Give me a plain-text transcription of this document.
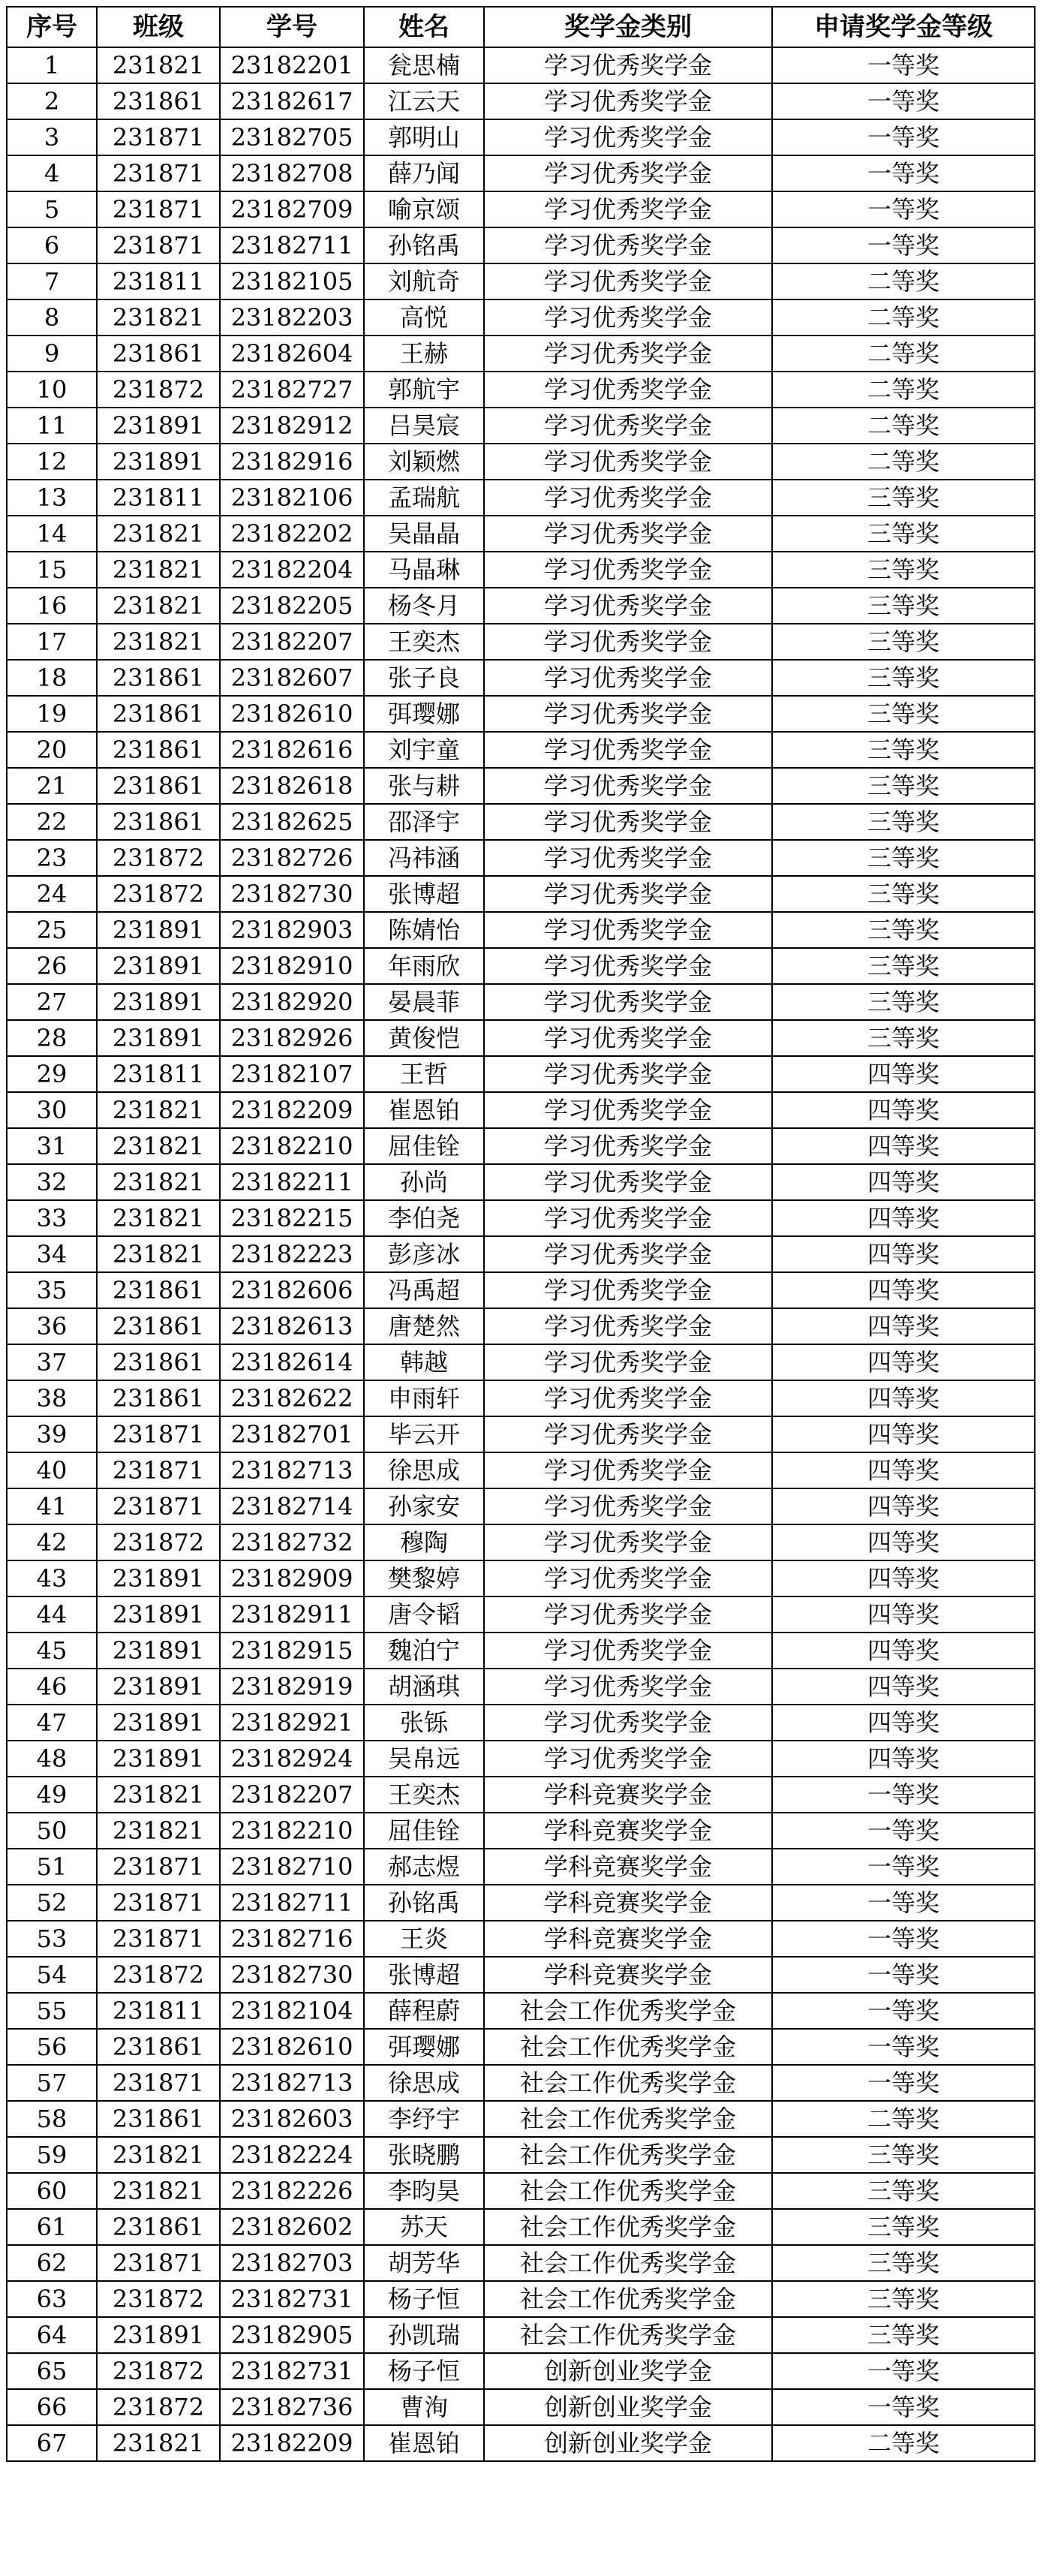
序号	班级	学号	姓名	奖学金类别	申请奖学金等级
1	231821	23182201	瓮思楠	学习优秀奖学金	一等奖
2	231861	23182617	江云天	学习优秀奖学金	一等奖
3	231871	23182705	郭明山	学习优秀奖学金	一等奖
4	231871	23182708	薛乃闻	学习优秀奖学金	一等奖
5	231871	23182709	喻京颂	学习优秀奖学金	一等奖
6	231871	23182711	孙铭禹	学习优秀奖学金	一等奖
7	231811	23182105	刘航奇	学习优秀奖学金	二等奖
8	231821	23182203	高悦	学习优秀奖学金	二等奖
9	231861	23182604	王赫	学习优秀奖学金	二等奖
10	231872	23182727	郭航宇	学习优秀奖学金	二等奖
11	231891	23182912	吕昊宸	学习优秀奖学金	二等奖
12	231891	23182916	刘颖燃	学习优秀奖学金	二等奖
13	231811	23182106	孟瑞航	学习优秀奖学金	三等奖
14	231821	23182202	吴晶晶	学习优秀奖学金	三等奖
15	231821	23182204	马晶琳	学习优秀奖学金	三等奖
16	231821	23182205	杨冬月	学习优秀奖学金	三等奖
17	231821	23182207	王奕杰	学习优秀奖学金	三等奖
18	231861	23182607	张子良	学习优秀奖学金	三等奖
19	231861	23182610	弭璎娜	学习优秀奖学金	三等奖
20	231861	23182616	刘宇童	学习优秀奖学金	三等奖
21	231861	23182618	张与耕	学习优秀奖学金	三等奖
22	231861	23182625	邵泽宇	学习优秀奖学金	三等奖
23	231872	23182726	冯祎涵	学习优秀奖学金	三等奖
24	231872	23182730	张博超	学习优秀奖学金	三等奖
25	231891	23182903	陈婧怡	学习优秀奖学金	三等奖
26	231891	23182910	年雨欣	学习优秀奖学金	三等奖
27	231891	23182920	晏晨菲	学习优秀奖学金	三等奖
28	231891	23182926	黄俊恺	学习优秀奖学金	三等奖
29	231811	23182107	王哲	学习优秀奖学金	四等奖
30	231821	23182209	崔恩铂	学习优秀奖学金	四等奖
31	231821	23182210	屈佳铨	学习优秀奖学金	四等奖
32	231821	23182211	孙尚	学习优秀奖学金	四等奖
33	231821	23182215	李伯尧	学习优秀奖学金	四等奖
34	231821	23182223	彭彦冰	学习优秀奖学金	四等奖
35	231861	23182606	冯禹超	学习优秀奖学金	四等奖
36	231861	23182613	唐楚然	学习优秀奖学金	四等奖
37	231861	23182614	韩越	学习优秀奖学金	四等奖
38	231861	23182622	申雨轩	学习优秀奖学金	四等奖
39	231871	23182701	毕云开	学习优秀奖学金	四等奖
40	231871	23182713	徐思成	学习优秀奖学金	四等奖
41	231871	23182714	孙家安	学习优秀奖学金	四等奖
42	231872	23182732	穆陶	学习优秀奖学金	四等奖
43	231891	23182909	樊黎婷	学习优秀奖学金	四等奖
44	231891	23182911	唐令韬	学习优秀奖学金	四等奖
45	231891	23182915	魏泊宁	学习优秀奖学金	四等奖
46	231891	23182919	胡涵琪	学习优秀奖学金	四等奖
47	231891	23182921	张铄	学习优秀奖学金	四等奖
48	231891	23182924	吴帛远	学习优秀奖学金	四等奖
49	231821	23182207	王奕杰	学科竞赛奖学金	一等奖
50	231821	23182210	屈佳铨	学科竞赛奖学金	一等奖
51	231871	23182710	郝志煜	学科竞赛奖学金	一等奖
52	231871	23182711	孙铭禹	学科竞赛奖学金	一等奖
53	231871	23182716	王炎	学科竞赛奖学金	一等奖
54	231872	23182730	张博超	学科竞赛奖学金	一等奖
55	231811	23182104	薛程蔚	社会工作优秀奖学金	一等奖
56	231861	23182610	弭璎娜	社会工作优秀奖学金	一等奖
57	231871	23182713	徐思成	社会工作优秀奖学金	一等奖
58	231861	23182603	李纾宇	社会工作优秀奖学金	二等奖
59	231821	23182224	张晓鹏	社会工作优秀奖学金	三等奖
60	231821	23182226	李昀昊	社会工作优秀奖学金	三等奖
61	231861	23182602	苏天	社会工作优秀奖学金	三等奖
62	231871	23182703	胡芳华	社会工作优秀奖学金	三等奖
63	231872	23182731	杨子恒	社会工作优秀奖学金	三等奖
64	231891	23182905	孙凯瑞	社会工作优秀奖学金	三等奖
65	231872	23182731	杨子恒	创新创业奖学金	一等奖
66	231872	23182736	曹洵	创新创业奖学金	一等奖
67	231821	23182209	崔恩铂	创新创业奖学金	二等奖
